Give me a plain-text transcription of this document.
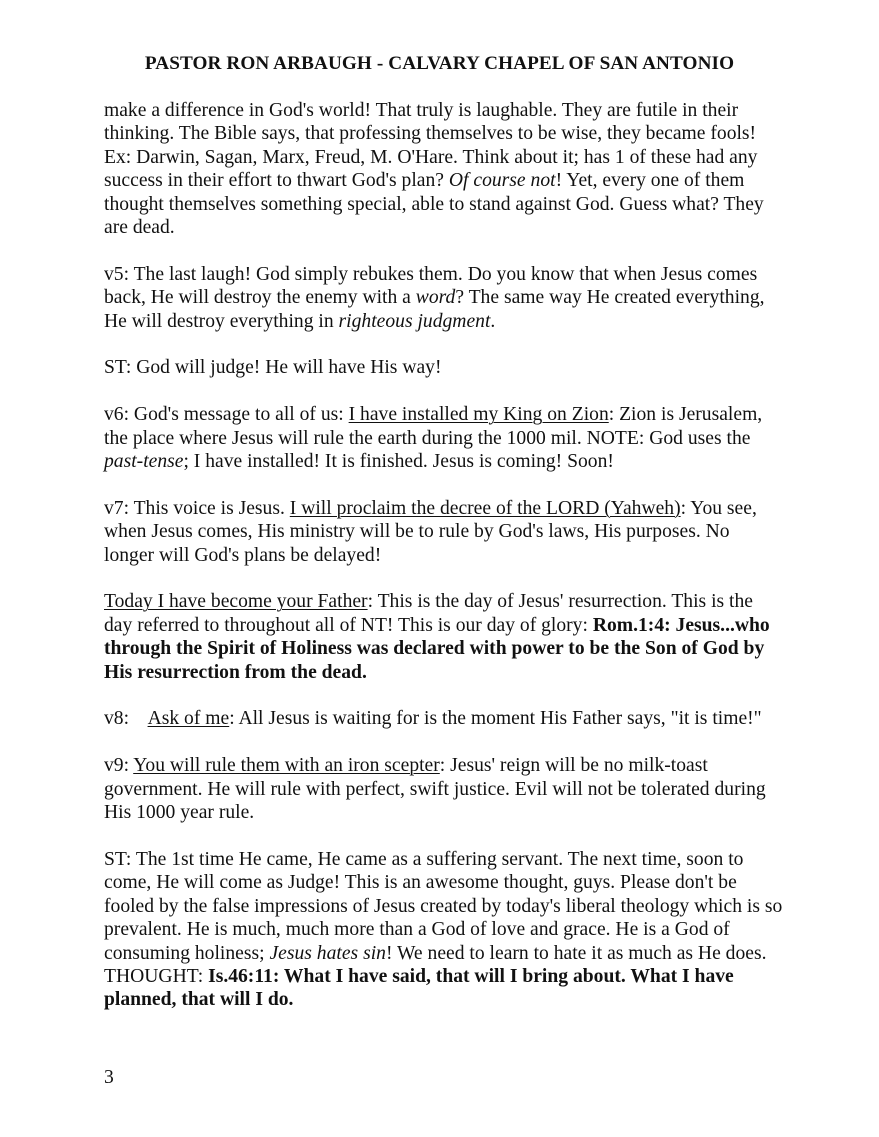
PASTOR RON ARBAUGH - CALVARY CHAPEL OF SAN ANTONIO

make a difference in God's world! That truly is laughable. They are futile in their thinking. The Bible says, that professing themselves to be wise, they became fools! Ex: Darwin, Sagan, Marx, Freud, M. O'Hare. Think about it; has 1 of these had any success in their effort to thwart God's plan? Of course not! Yet, every one of them thought themselves something special, able to stand against God. Guess what? They are dead.

v5: The last laugh! God simply rebukes them. Do you know that when Jesus comes back, He will destroy the enemy with a word? The same way He created everything, He will destroy everything in righteous judgment.

ST: God will judge! He will have His way!

v6: God's message to all of us: I have installed my King on Zion: Zion is Jerusalem, the place where Jesus will rule the earth during the 1000 mil. NOTE: God uses the past-tense; I have installed! It is finished. Jesus is coming! Soon!

v7: This voice is Jesus. I will proclaim the decree of the LORD (Yahweh): You see, when Jesus comes, His ministry will be to rule by God's laws, His purposes. No longer will God's plans be delayed!

Today I have become your Father: This is the day of Jesus' resurrection. This is the day referred to throughout all of NT! This is our day of glory: Rom.1:4: Jesus...who through the Spirit of Holiness was declared with power to be the Son of God by His resurrection from the dead.

v8:    Ask of me: All Jesus is waiting for is the moment His Father says, "it is time!"

v9: You will rule them with an iron scepter: Jesus' reign will be no milk-toast government. He will rule with perfect, swift justice. Evil will not be tolerated during His 1000 year rule.

ST: The 1st time He came, He came as a suffering servant. The next time, soon to come, He will come as Judge! This is an awesome thought, guys. Please don't be fooled by the false impressions of Jesus created by today's liberal theology which is so prevalent. He is much, much more than a God of love and grace. He is a God of consuming holiness; Jesus hates sin! We need to learn to hate it as much as He does. THOUGHT: Is.46:11: What I have said, that will I bring about. What I have planned, that will I do.

3
